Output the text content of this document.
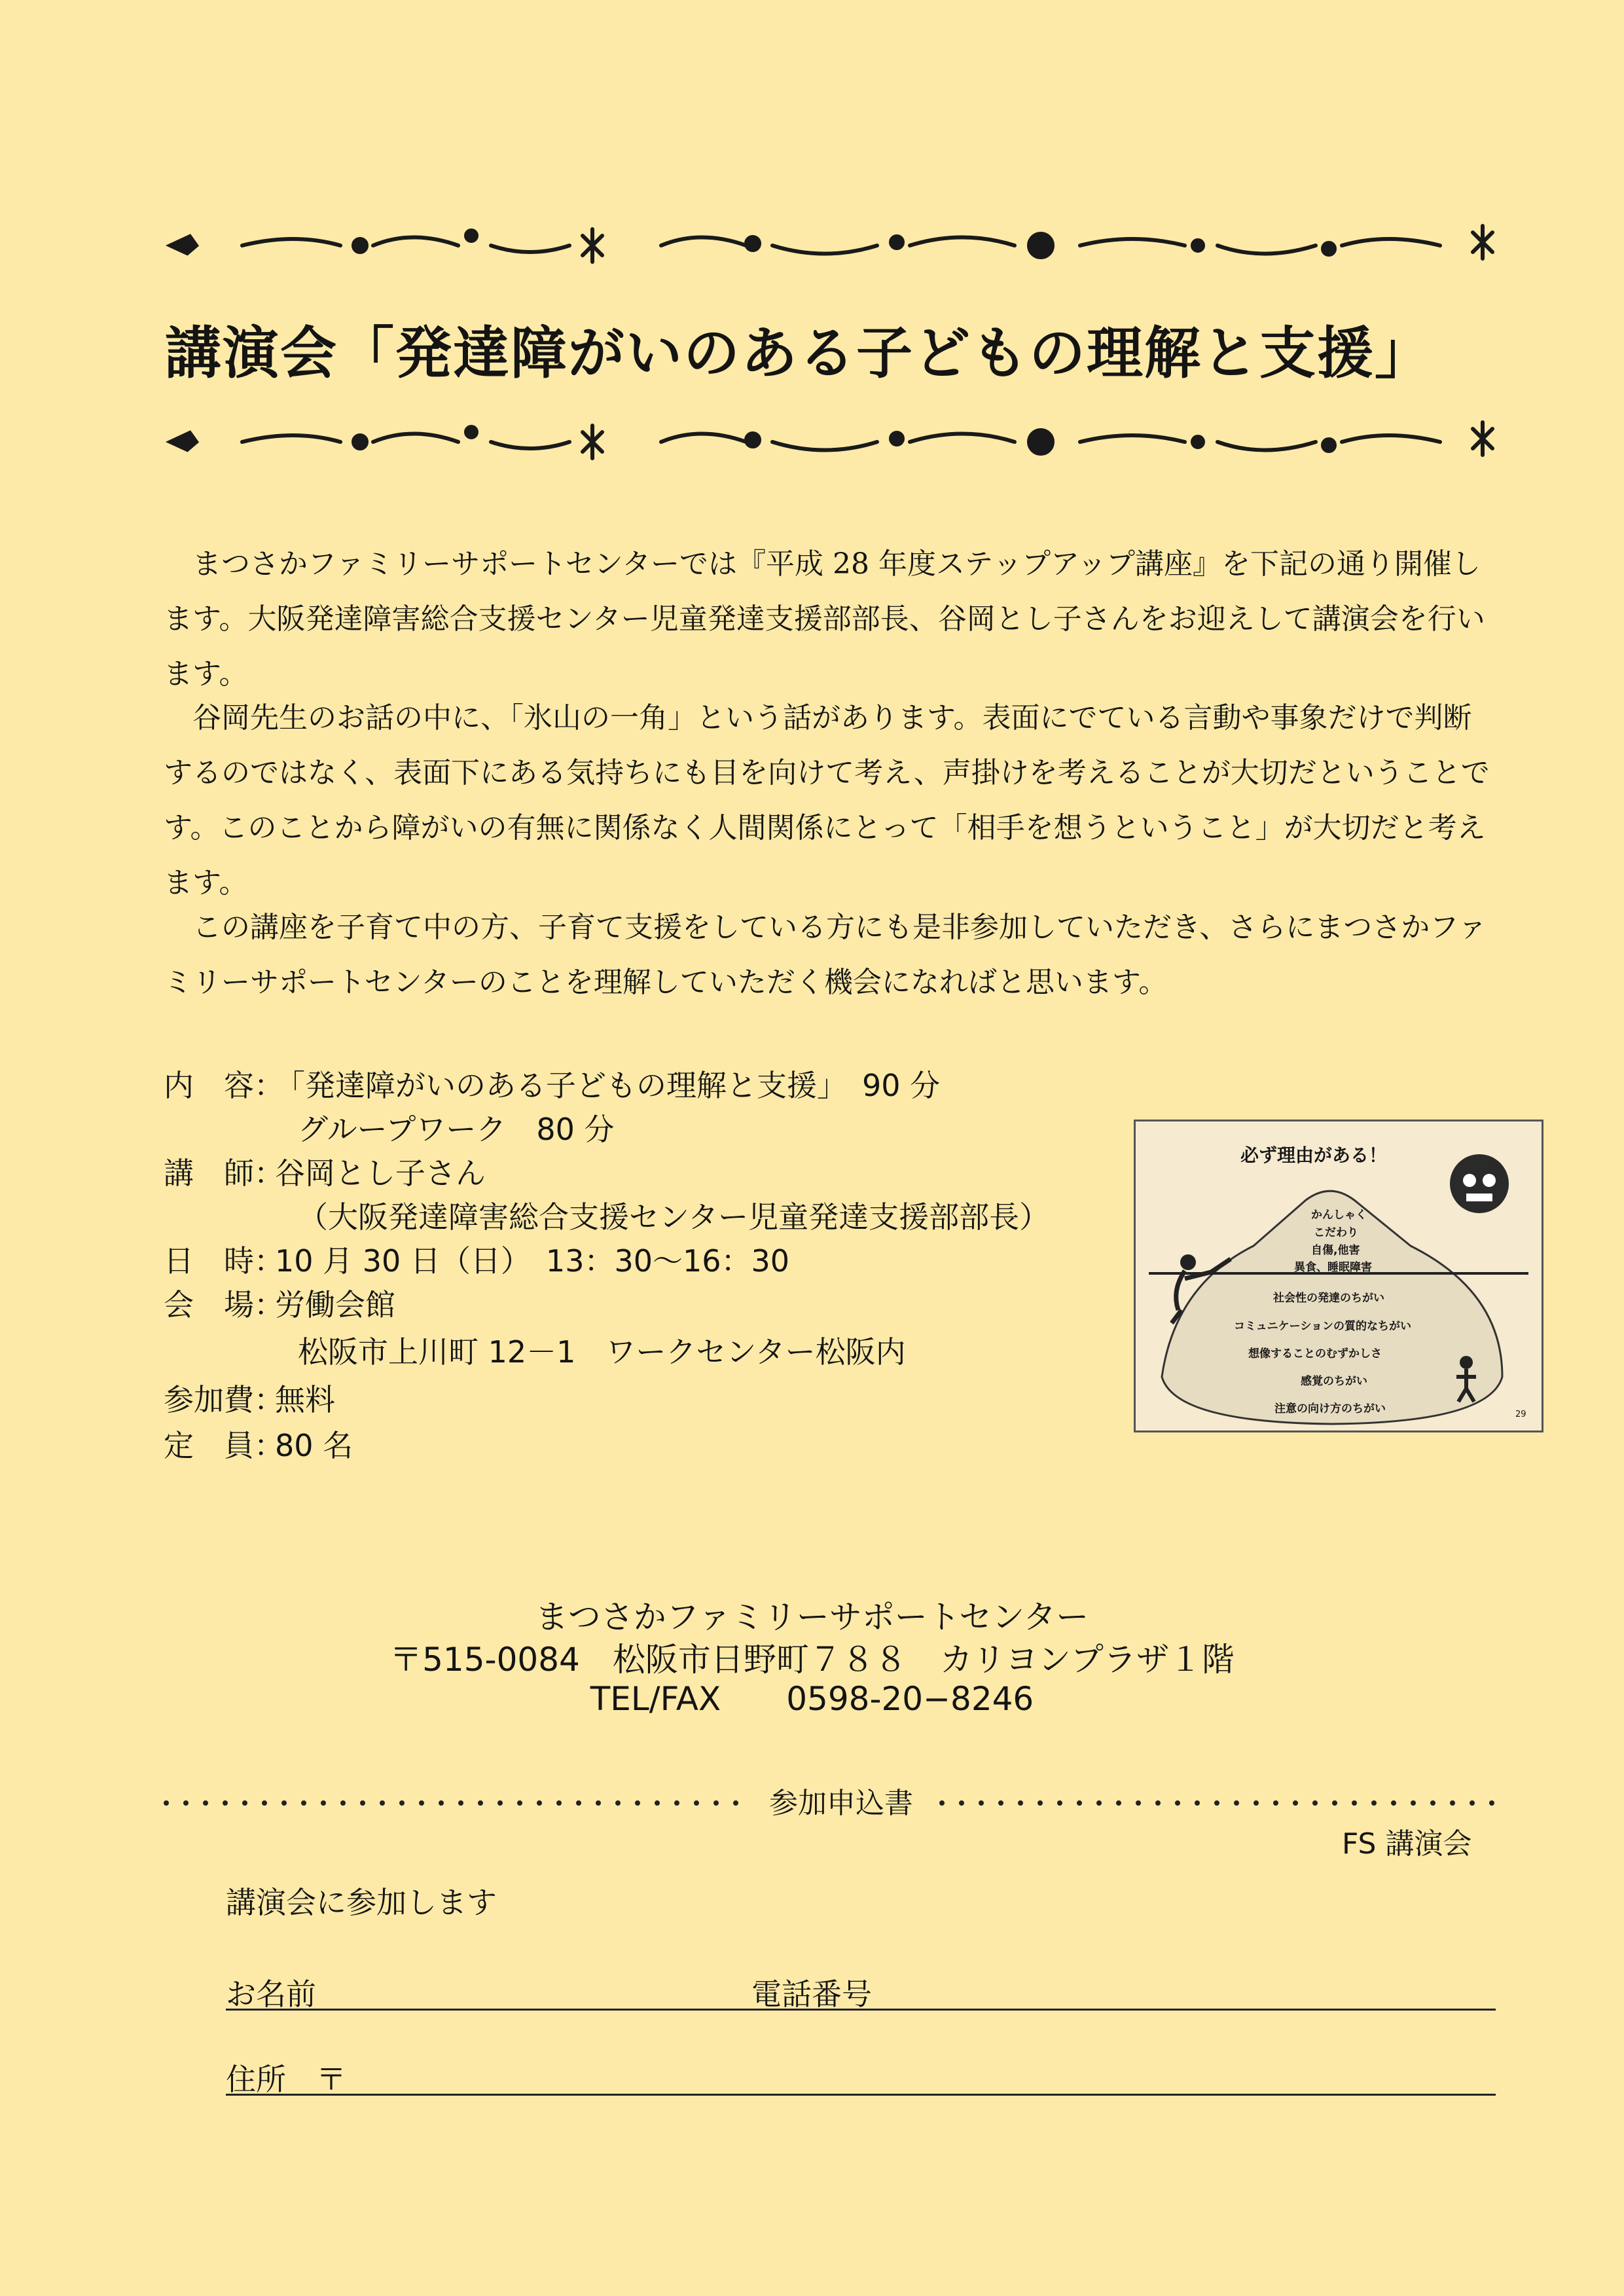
講演会「発達障がいのある子どもの理解と支援」

　まつさかファミリーサポートセンターでは『平成 28 年度ステップアップ講座』を下記の通り開催します。大阪発達障害総合支援センター児童発達支援部部長、谷岡とし子さんをお迎えして講演会を行います。

　谷岡先生のお話の中に、「氷山の一角」という話があります。表面にでている言動や事象だけで判断するのではなく、表面下にある気持ちにも目を向けて考え、声掛けを考えることが大切だということです。このことから障がいの有無に関係なく人間関係にとって「相手を想うということ」が大切だと考えます。

　この講座を子育て中の方、子育て支援をしている方にも是非参加していただき、さらにまつさかファミリーサポートセンターのことを理解していただく機会になればと思います。

内　容：「発達障がいのある子どもの理解と支援」　90 分
グループワーク　80 分
講　師：谷岡とし子さん
（大阪発達障害総合支援センター児童発達支援部部長）
日　時：10 月 30 日（日）　13：30～16：30
会　場：労働会館
松阪市上川町 12－1　ワークセンター松阪内
参加費：無料
定　員：80 名
必ず理由がある！
かんしゃく
こだわり
自傷,他害
異食、睡眠障害
社会性の発達のちがい
コミュニケーションの質的なちがい
想像することのむずかしさ
感覚のちがい
注意の向け方のちがい	29
まつさかファミリーサポートセンター
〒515-0084　松阪市日野町７８８　カリヨンプラザ１階
TEL/FAX　　0598-20−8246
参加申込書
FS 講演会
講演会に参加します
お名前	電話番号
住所　〒
